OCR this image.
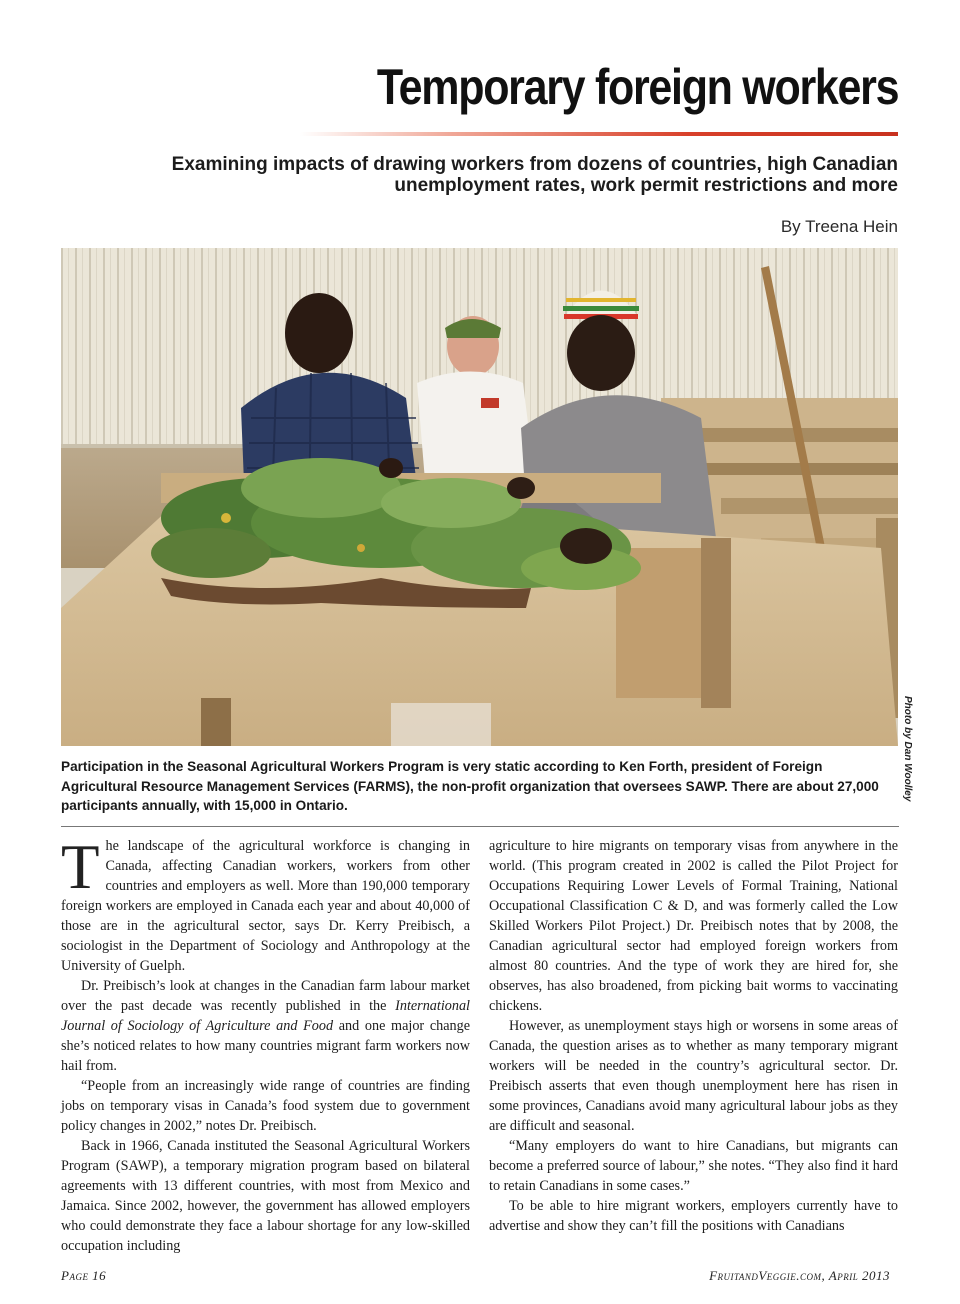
Temporary foreign workers
Examining impacts of drawing workers from dozens of countries, high Canadian unemployment rates, work permit restrictions and more
By Treena Hein
Photo by Dan Woolley

Participation in the Seasonal Agricultural Workers Program is very static according to Ken Forth, president of Foreign Agricultural Resource Management Services (FARMS), the non-profit organization that oversees SAWP. There are about 27,000 participants annually, with 15,000 in Ontario.

The landscape of the agricultural workforce is changing in Canada, affecting Canadian workers, workers from other countries and employers as well. More than 190,000 temporary foreign workers are employed in Canada each year and about 40,000 of those are in the agricultural sector, says Dr. Kerry Preibisch, a sociologist in the Department of Sociology and Anthropology at the University of Guelph.

Dr. Preibisch’s look at changes in the Canadian farm labour market over the past decade was recently published in the International Journal of Sociology of Agriculture and Food and one major change she’s noticed relates to how many countries migrant farm workers now hail from.

“People from an increasingly wide range of countries are finding jobs on temporary visas in Canada’s food system due to government policy changes in 2002,” notes Dr. Preibisch.

Back in 1966, Canada instituted the Seasonal Agricultural Workers Program (SAWP), a temporary migration program based on bilateral agreements with 13 different countries, with most from Mexico and Jamaica. Since 2002, however, the government has allowed employers who could demonstrate they face a labour shortage for any low-skilled occupation including

agriculture to hire migrants on temporary visas from anywhere in the world. (This program created in 2002 is called the Pilot Project for Occupations Requiring Lower Levels of Formal Training, National Occupational Classification C & D, and was formerly called the Low Skilled Workers Pilot Project.) Dr. Preibisch notes that by 2008, the Canadian agricultural sector had employed foreign workers from almost 80 countries. And the type of work they are hired for, she observes, has also broadened, from picking bait worms to vaccinating chickens.

However, as unemployment stays high or worsens in some areas of Canada, the question arises as to whether as many temporary migrant workers will be needed in the country’s agricultural sector. Dr. Preibisch asserts that even though unemployment here has risen in some provinces, Canadians avoid many agricultural labour jobs as they are difficult and seasonal.

“Many employers do want to hire Canadians, but migrants can become a preferred source of labour,” she notes. “They also find it hard to retain Canadians in some cases.”

To be able to hire migrant workers, employers currently have to advertise and show they can’t fill the positions with Canadians

Page 16	FruitandVeggie.com, April 2013
